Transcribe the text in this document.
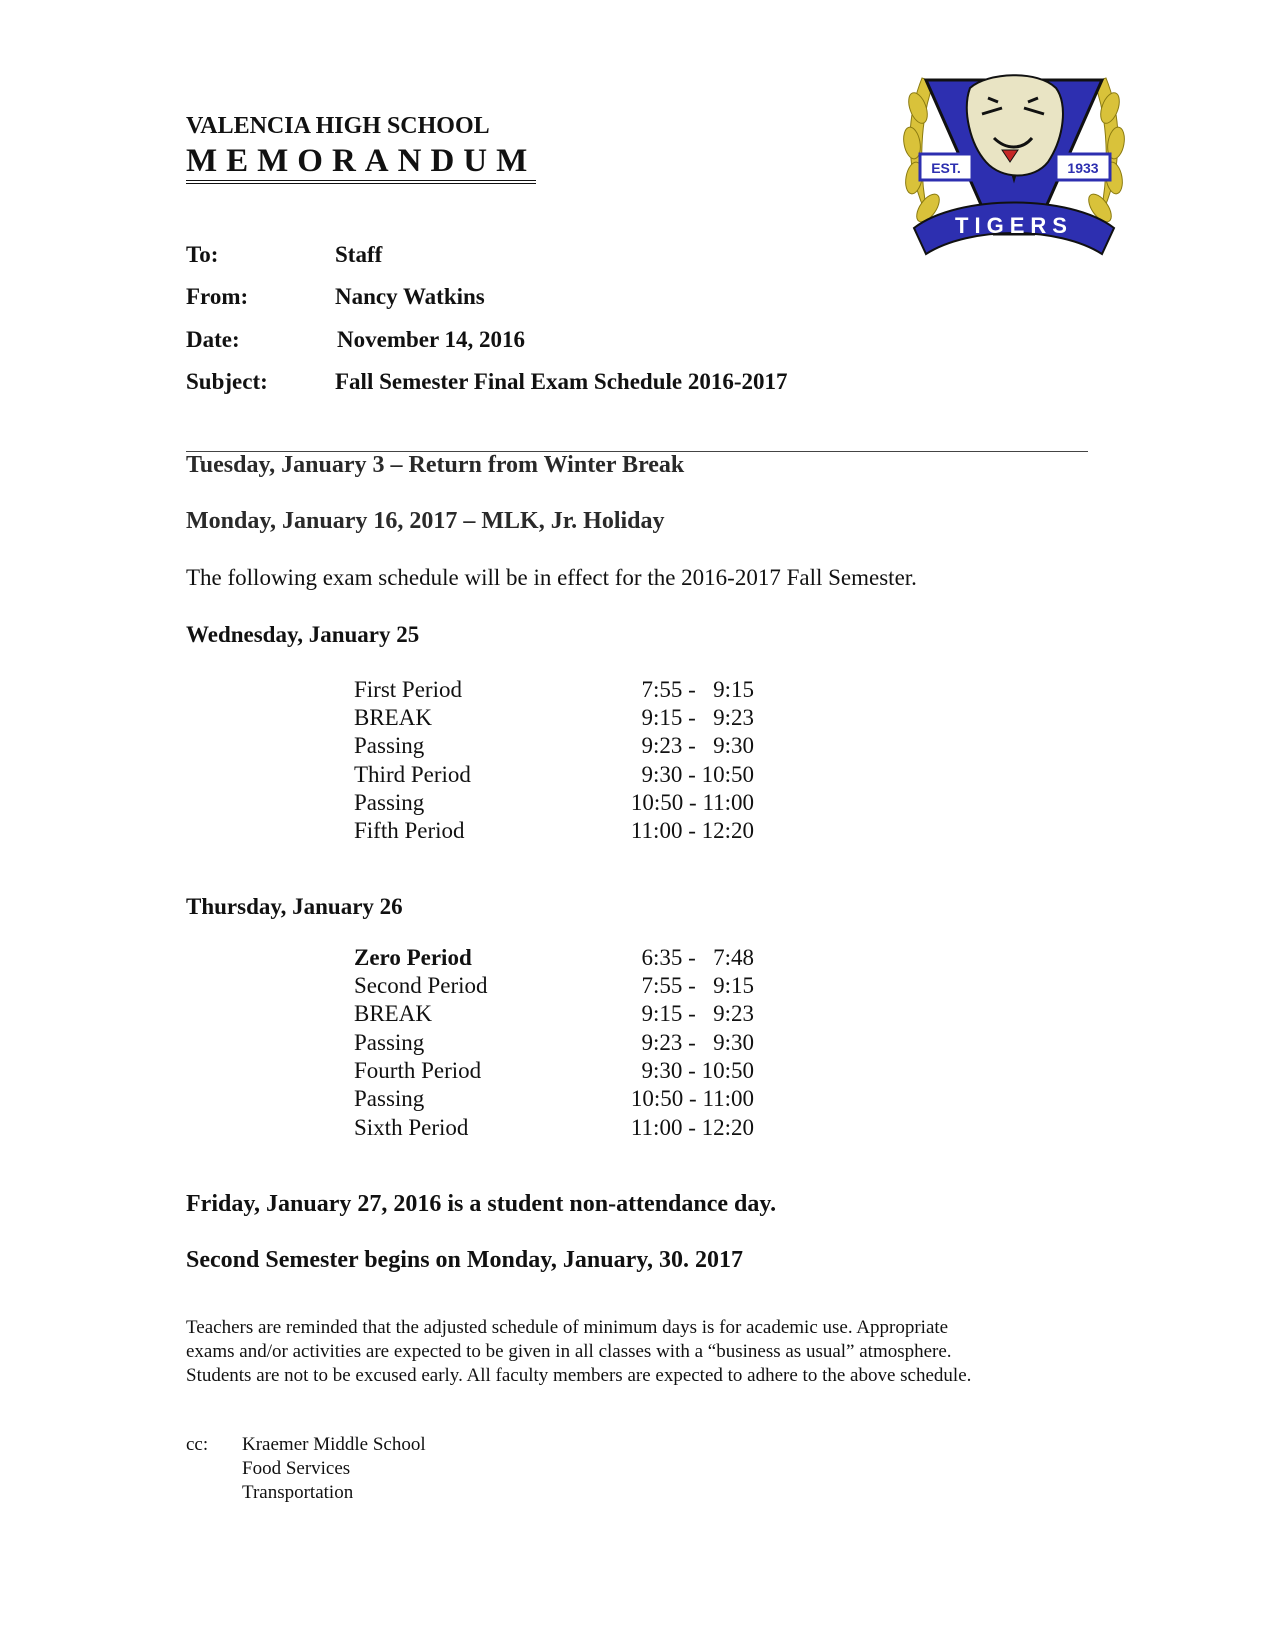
VALENCIA HIGH SCHOOL
MEMORANDUM	EST.	1933
TIGERS
To:	Staff
From:	Nancy Watkins
Date:	November 14, 2016
Subject:	Fall Semester Final Exam Schedule 2016-2017
Tuesday, January 3 – Return from Winter Break
Monday, January 16, 2017 – MLK, Jr. Holiday
The following exam schedule will be in effect for the 2016-2017 Fall Semester.
Wednesday, January 25
First Period	7:55 -   9:15
BREAK	9:15 -   9:23
Passing	9:23 -   9:30
Third Period	9:30 - 10:50
Passing	10:50 - 11:00
Fifth Period	11:00 - 12:20
Thursday, January 26
Zero Period	6:35 -   7:48
Second Period	7:55 -   9:15
BREAK	9:15 -   9:23
Passing	9:23 -   9:30
Fourth Period	9:30 - 10:50
Passing	10:50 - 11:00
Sixth Period	11:00 - 12:20
Friday, January 27, 2016 is a student non-attendance day.
Second Semester begins on Monday, January, 30. 2017
Teachers are reminded that the adjusted schedule of minimum days is for academic use. Appropriate
exams and/or activities are expected to be given in all classes with a “business as usual” atmosphere.
Students are not to be excused early. All faculty members are expected to adhere to the above schedule.
cc: Kraemer Middle School
Food Services
Transportation
